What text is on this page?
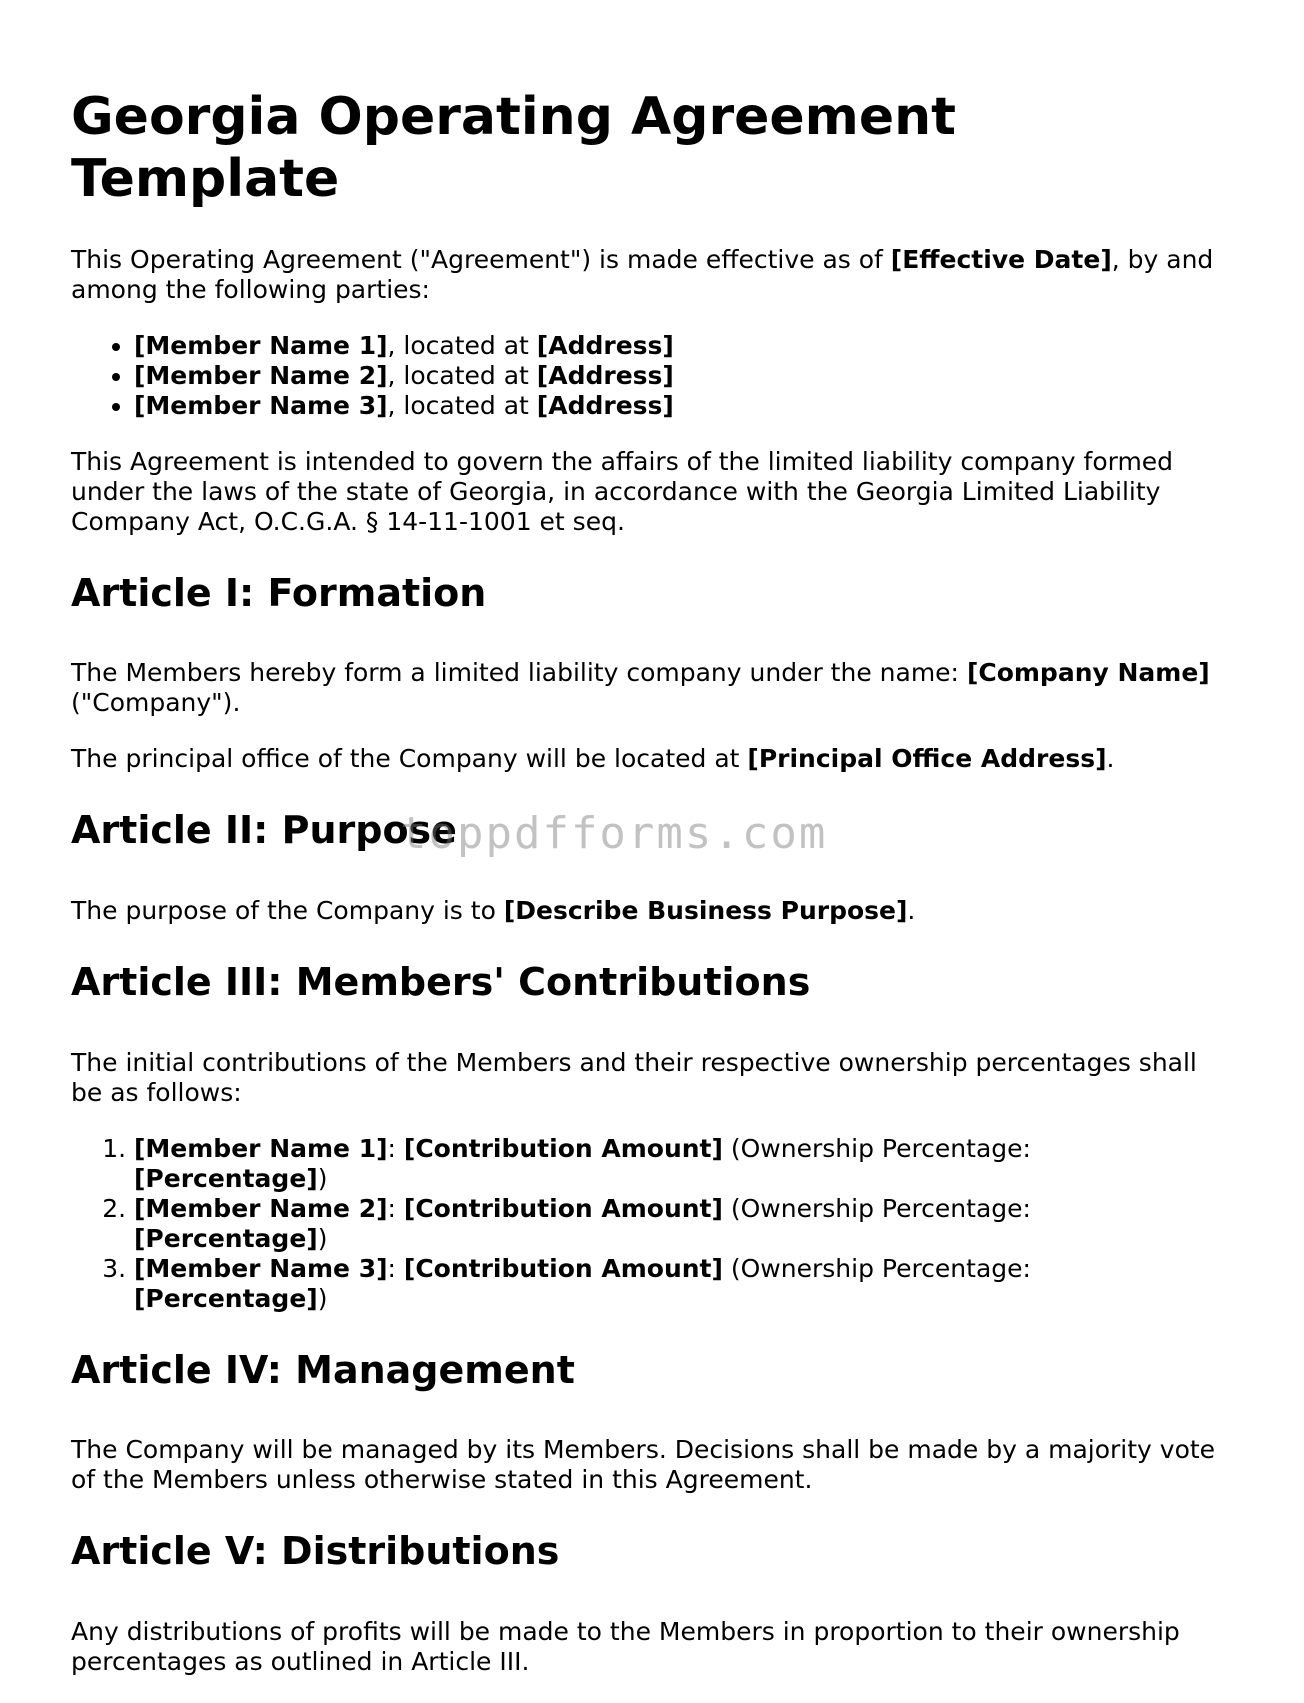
Georgia Operating Agreement Template

This Operating Agreement ("Agreement") is made effective as of [Effective Date], by and among the following parties:

• [Member Name 1], located at [Address]
• [Member Name 2], located at [Address]
• [Member Name 3], located at [Address]

This Agreement is intended to govern the affairs of the limited liability company formed under the laws of the state of Georgia, in accordance with the Georgia Limited Liability Company Act, O.C.G.A. § 14-11-1001 et seq.

Article I: Formation

The Members hereby form a limited liability company under the name: [Company Name] ("Company").

The principal office of the Company will be located at [Principal Office Address].

Article II: Purpose

The purpose of the Company is to [Describe Business Purpose].

Article III: Members' Contributions

The initial contributions of the Members and their respective ownership percentages shall be as follows:

1. [Member Name 1]: [Contribution Amount] (Ownership Percentage: [Percentage])
2. [Member Name 2]: [Contribution Amount] (Ownership Percentage: [Percentage])
3. [Member Name 3]: [Contribution Amount] (Ownership Percentage: [Percentage])
Article IV: Management

The Company will be managed by its Members. Decisions shall be made by a majority vote of the Members unless otherwise stated in this Agreement.

Article V: Distributions

Any distributions of profits will be made to the Members in proportion to their ownership percentages as outlined in Article III.

toppdfforms.com
